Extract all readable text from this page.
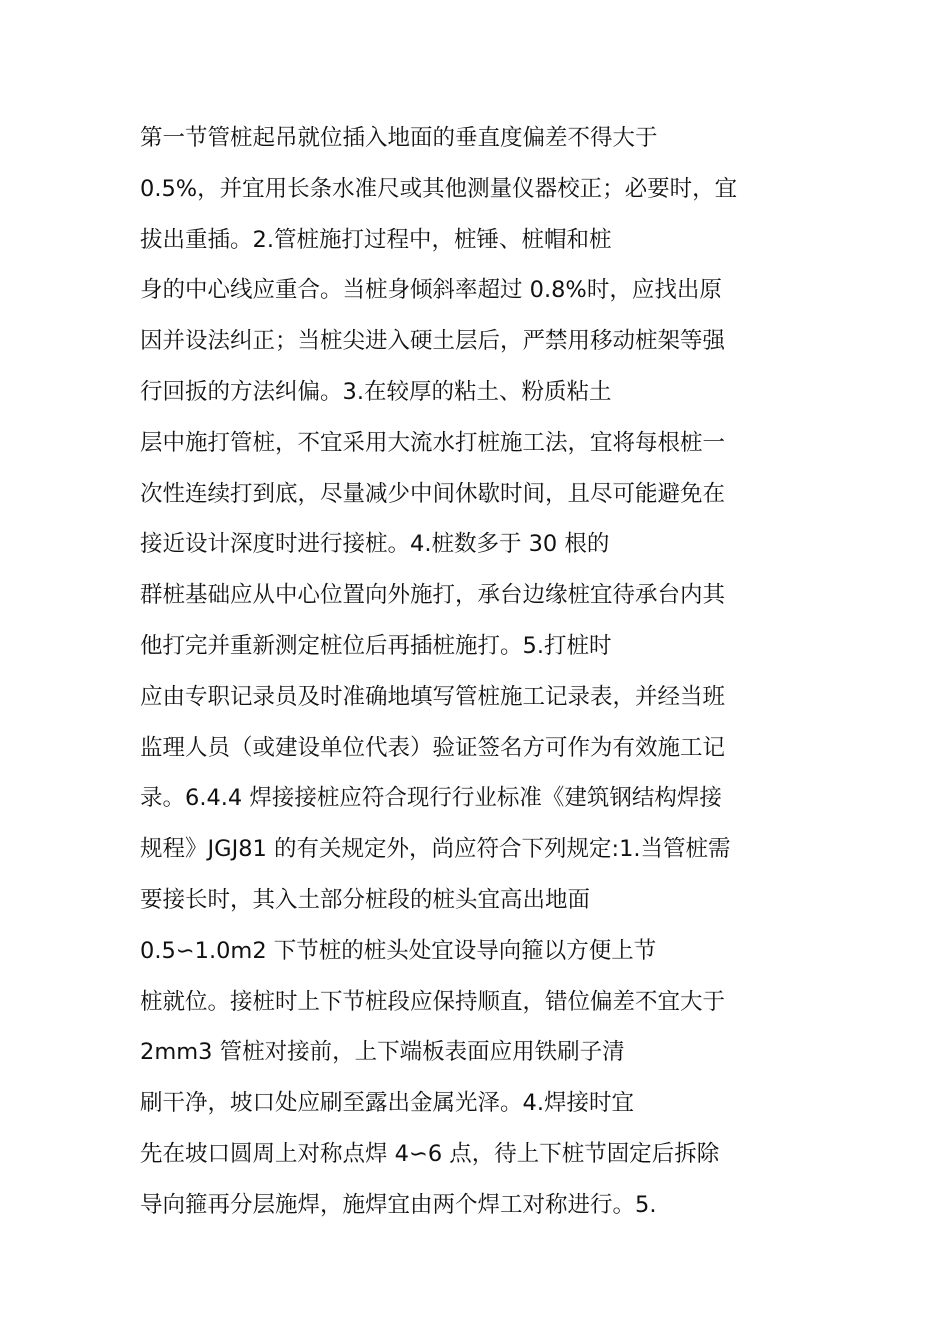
第一节管桩起吊就位插入地面的垂直度偏差不得大于
0.5%，并宜用长条水准尺或其他测量仪器校正；必要时，宜
拔出重插。2.管桩施打过程中，桩锤、桩帽和桩
身的中心线应重合。当桩身倾斜率超过 0.8%时，应找出原
因并设法纠正；当桩尖进入硬土层后，严禁用移动桩架等强
行回扳的方法纠偏。3.在较厚的粘土、粉质粘土
层中施打管桩，不宜采用大流水打桩施工法，宜将每根桩一
次性连续打到底，尽量减少中间休歇时间，且尽可能避免在
接近设计深度时进行接桩。4.桩数多于 30 根的
群桩基础应从中心位置向外施打，承台边缘桩宜待承台内其
他打完并重新测定桩位后再插桩施打。5.打桩时
应由专职记录员及时准确地填写管桩施工记录表，并经当班
监理人员（或建设单位代表）验证签名方可作为有效施工记
录。6.4.4 焊接接桩应符合现行行业标准《建筑钢结构焊接
规程》JGJ81 的有关规定外，尚应符合下列规定:1.当管桩需
要接长时，其入土部分桩段的桩头宜高出地面
0.5∽1.0m2 下节桩的桩头处宜设导向箍以方便上节
桩就位。接桩时上下节桩段应保持顺直，错位偏差不宜大于
2mm3 管桩对接前，上下端板表面应用铁刷子清
刷干净，坡口处应刷至露出金属光泽。4.焊接时宜
先在坡口圆周上对称点焊 4∽6 点，待上下桩节固定后拆除
导向箍再分层施焊，施焊宜由两个焊工对称进行。5.
